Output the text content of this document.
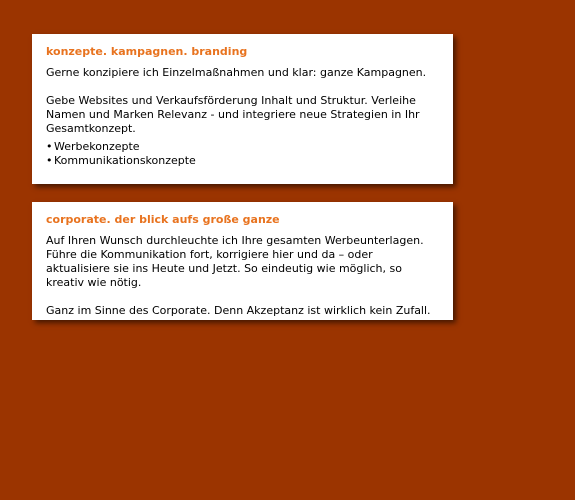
konzepte. kampagnen. branding

Gerne konzipiere ich Einzelmaßnahmen und klar: ganze Kampagnen.

Gebe Websites und Verkaufsförderung Inhalt und Struktur. Verleihe Namen und Marken Relevanz - und integriere neue Strategien in Ihr Gesamtkonzept.

• Werbekonzepte
• Kommunikationskonzepte
corporate. der blick aufs große ganze

Auf Ihren Wunsch durchleuchte ich Ihre gesamten Werbeunterlagen. Führe die Kommunikation fort, korrigiere hier und da – oder aktualisiere sie ins Heute und Jetzt. So eindeutig wie möglich, so kreativ wie nötig.

Ganz im Sinne des Corporate. Denn Akzeptanz ist wirklich kein Zufall.
